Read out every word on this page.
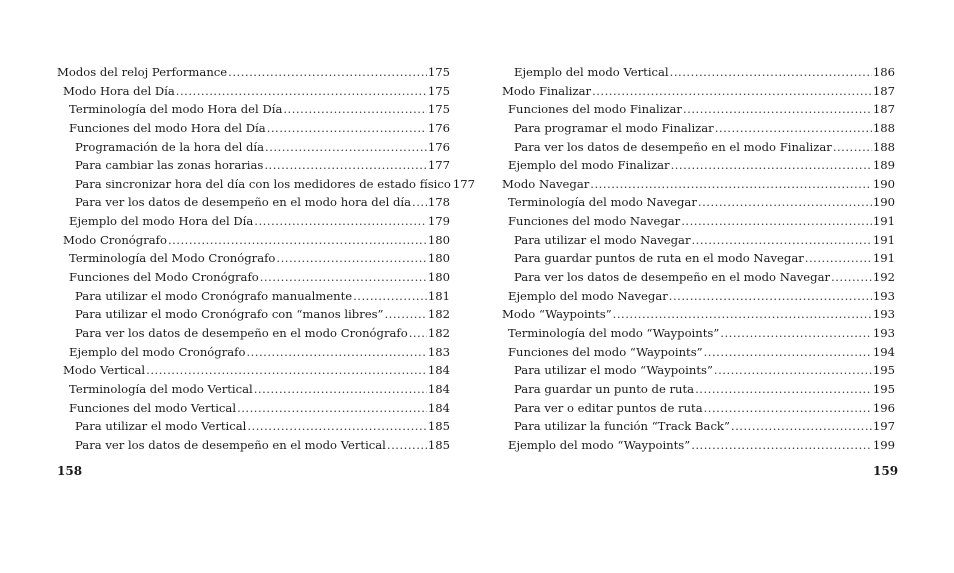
Modos del reloj Performance .....	175
Modo Hora del Día .....	175
Terminología del modo Hora del Día .....	175
Funciones del modo Hora del Día .....	176
Programación de la hora del día .....	176
Para cambiar las zonas horarias .....	177
Para sincronizar hora del día con los medidores de estado físico 177
Para ver los datos de desempeño en el modo hora del día ..... 178
Ejemplo del modo Hora del Día .....	179
Modo Cronógrafo .....	180
Terminología del Modo Cronógrafo .....	180
Funciones del Modo Cronógrafo .....	180
Para utilizar el modo Cronógrafo manualmente .....	181
Para utilizar el modo Cronógrafo con “manos libres” .....	182
Para ver los datos de desempeño en el modo Cronógrafo ..... 182
Ejemplo del modo Cronógrafo .....	183
Modo Vertical .....	184
Terminología del modo Vertical .....	184
Funciones del modo Vertical .....	184
Para utilizar el modo Vertical .....	185
Para ver los datos de desempeño en el modo Vertical .....	185
Ejemplo del modo Vertical .....	186
Modo Finalizar .....	187
Funciones del modo Finalizar .....	187
Para programar el modo Finalizar .....	188
Para ver los datos de desempeño en el modo Finalizar .....	188
Ejemplo del modo Finalizar .....	189
Modo Navegar .....	190
Terminología del modo Navegar .....	190
Funciones del modo Navegar .....	191
Para utilizar el modo Navegar .....	191
Para guardar puntos de ruta en el modo Navegar .....	191
Para ver los datos de desempeño en el modo Navegar .....	192
Ejemplo del modo Navegar .....	193
Modo “Waypoints” .....	193
Terminología del modo “Waypoints” .....	193
Funciones del modo “Waypoints” .....	194
Para utilizar el modo “Waypoints” .....	195
Para guardar un punto de ruta .....	195
Para ver o editar puntos de ruta .....	196
Para utilizar la función “Track Back” .....	197
Ejemplo del modo “Waypoints” .....	199
158	159
